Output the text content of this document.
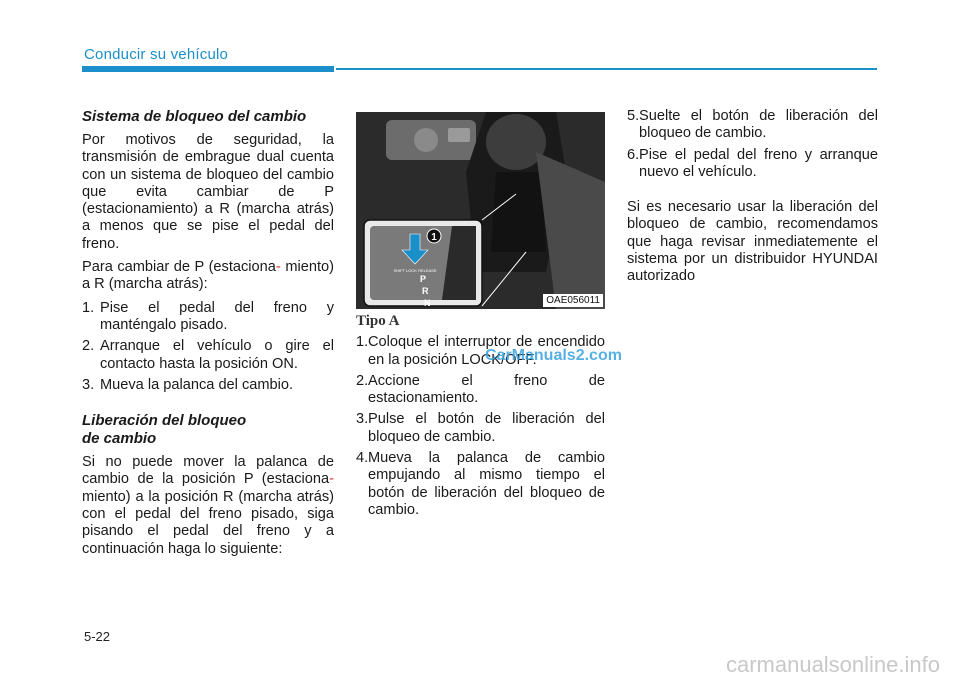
Conducir su vehículo
Sistema de bloqueo del cambio

Por motivos de seguridad, la transmisión de embrague dual cuenta con un sistema de bloqueo del cambio que evita cambiar de P (estacionamiento) a R (marcha atrás) a menos que se pise el pedal del freno.

Para cambiar de P (estaciona- miento) a R (marcha atrás):

1. Pise el pedal del freno y manténgalo pisado.
2. Arranque el vehículo o gire el contacto hasta la posición ON.
3. Mueva la palanca del cambio.
Liberación del bloqueo
de cambio

Si no puede mover la palanca de cambio de la posición P (estaciona- miento) a la posición R (marcha atrás) con el pedal del freno pisado, siga pisando el pedal del freno y a continuación haga lo siguiente:

1
SHIFT LOCK RELEASE
P
R
N	OAE056011
Tipo A
1.Coloque el interruptor de encendido en la posición LOCK/OFF.
2.Accione el freno de estacionamiento.
3.Pulse el botón de liberación del bloqueo de cambio.
4.Mueva la palanca de cambio empujando al mismo tiempo el botón de liberación del bloqueo de cambio.
5.Suelte el botón de liberación del bloqueo de cambio.
6.Pise el pedal del freno y arranque nuevo el vehículo.

Si es necesario usar la liberación del bloqueo de cambio, recomendamos que haga revisar inmediatemente el sistema por un distribuidor HYUNDAI autorizado

CarManuals2.com
5-22
carmanualsonline.info
